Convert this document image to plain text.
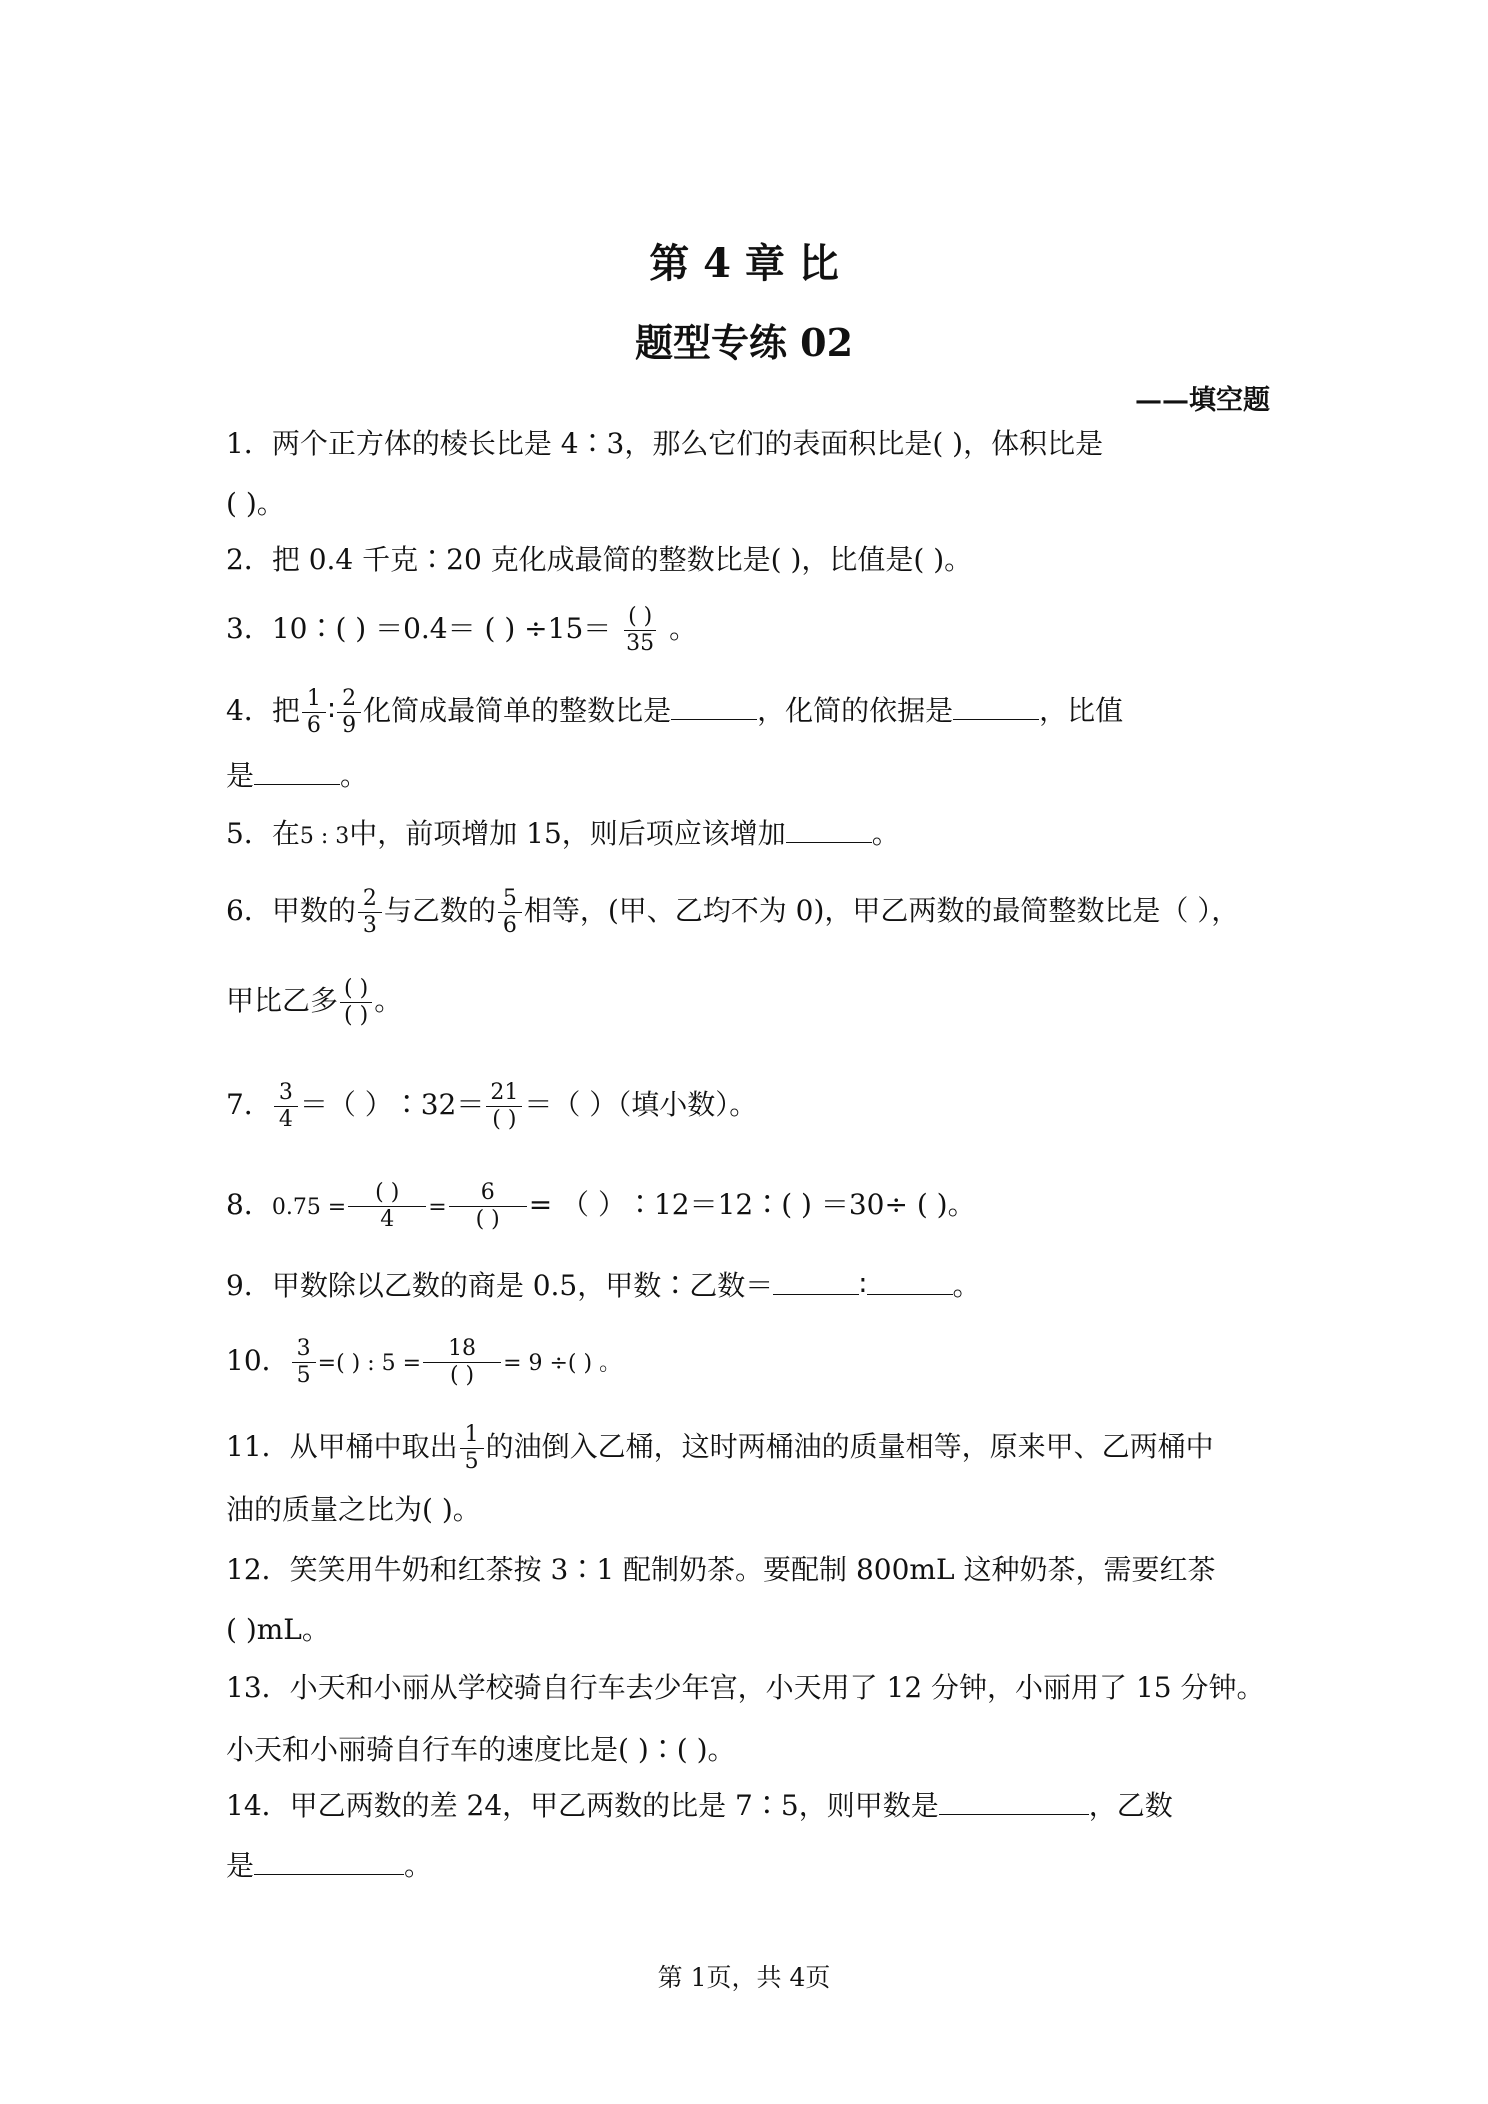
第 4 章 比
题型专练 02
——填空题
1．两个正方体的棱长比是 4∶3，那么它们的表面积比是( )，体积比是
( )。
2．把 0.4 千克∶20 克化成最简的整数比是( )，比值是( )。
3．10∶( ) ＝0.4＝ ( ) $\div 15= \frac{( )}{35}$ 。
4．把 $\frac{1}{6}$ ∶ $\frac{2}{9}$ 化简成最简单的整数比是	，化简的依据是	，比值
是	。
5．在5 : 3中，前项增加 15，则后项应该增加	。
6．甲数的 $\frac{2}{3}$ 与乙数的 $\frac{5}{6}$ 相等，(甲、乙均不为 0)，甲乙两数的最简整数比是（ ），
甲比乙多 $\frac{( )}{( )}$ 。
7． $\frac{3}{4}$ ＝（ ）∶32＝ $\frac{21}{( )}$ ＝（ ）（填小数）。
8．$0.75 = \frac{( )}{4} = \frac{6}{( )}$ = （ ）∶12＝12∶( ) ＝30÷ ( )。
9．甲数除以乙数的商是 0.5，甲数∶乙数＝	∶	。
10． $\frac{3}{5}$ =( ) : $5 = \frac{18}{( )} = 9$ ÷( ) 。
11．从甲桶中取出 $\frac{1}{5}$ 的油倒入乙桶，这时两桶油的质量相等，原来甲、乙两桶中
油的质量之比为( )。
12．笑笑用牛奶和红茶按 3∶1 配制奶茶。要配制 800mL 这种奶茶，需要红茶
( )mL。
13．小天和小丽从学校骑自行车去少年宫，小天用了 12 分钟，小丽用了 15 分钟。
小天和小丽骑自行车的速度比是( )∶( )。
14．甲乙两数的差 24，甲乙两数的比是 7∶5，则甲数是	，乙数
是	。
第 1页，共 4页
